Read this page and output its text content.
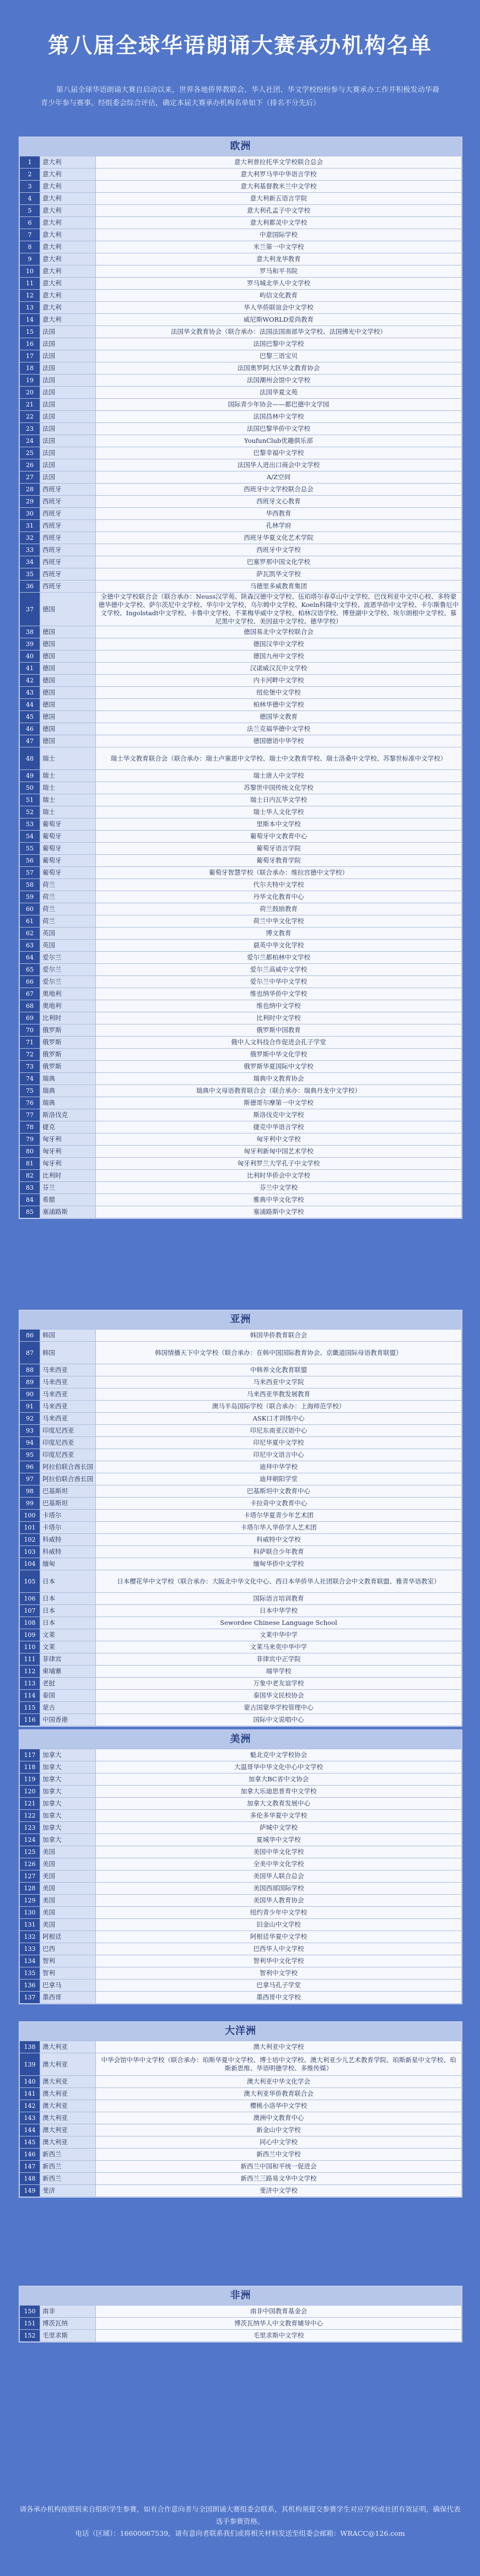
第八届全球华语朗诵大赛承办机构名单

第八届全球华语朗诵大赛自启动以来，世界各地侨界教联会、华人社团、华文学校纷纷参与大赛承办工作并积极发动华裔青少年参与赛事。经组委会综合评估，确定本届大赛承办机构名单如下（排名不分先后）

欧洲
1	意大利	意大利普拉托华文学校联合总会
2	意大利	意大利罗马华中华语言学校
3	意大利	意大利基督教米兰中文学校
4	意大利	意大利新五语言学院
5	意大利	意大利孔孟子中文学校
6	意大利	意大利都灵中文学校
7	意大利	中意国际学校
8	意大利	米兰第一中文学校
9	意大利	意大利龙华教育
10	意大利	罗马和平书院
11	意大利	罗马城北华人中文学校
12	意大利	屿信文化教育
13	意大利	华人华侨联谊会中文学校
14	意大利	威尼斯WORLD爱尚教育
15	法国	法国华文教育协会（联合承办：法国法国南部华文学校、法国佛光中文学校）
16	法国	法国巴黎中文学校
17	法国	巴黎三语宝贝
18	法国	法国奥罗阿大区华文教育协会
19	法国	法国潮州会馆中文学校
20	法国	法国华夏文苑
21	法国	国际青少年协会——都巴德中文学园
22	法国	法国昌林中文学校
23	法国	法国巴黎华侨中文学校
24	法国	YoufunClub优趣俱乐部
25	法国	巴黎幸福中文学校
26	法国	法国华人进出口商会中文学校
27	法国	A/Z空间
28	西班牙	西班牙中文学校联合总会
29	西班牙	西班牙文心教育
30	西班牙	华西教育
31	西班牙	孔林学府
32	西班牙	西班牙华夏文化艺术学院
33	西班牙	西班牙中文学校
34	西班牙	巴塞罗那中国文化学校
35	西班牙	萨瓦凯华文学校
36	西班牙	马德里多威教育集团
37	德国	全德中文学校联合会（联合承办：Neuss汉学苑、陕森汉德中文学校、伍珀塔尔春草山中文学校、巴伐利亚中文中心校、多特蒙德华德中文学校、萨尔茨尼中文学校、华尔中文学校、乌尔姆中文学校、Koeln科隆中文学校、波恩华侨中文学校、卡尔斯鲁厄中文学校、Ingolstadt中文学校、卡鲁中文学校、不莱梅华威中文学校、柏林汉语学校、博登湖中文学校、埃尔朗根中文学校、慕尼黑中文学校、美因兹中文学校、德华学校）
38	德国	德国易北中文学校联合会
39	德国	德国汉华中文学校
40	德国	德国九州中文学校
41	德国	汉诺威汉瓦中文学校
42	德国	内卡河畔中文学校
43	德国	纽伦堡中文学校
44	德国	柏林华德中文学校
45	德国	德国华文教育
46	德国	法兰克福华德中文学校
47	德国	德国德语中华学校
48	瑞士	瑞士华文教育联合会（联合承办：瑞士卢塞恩中文学校、瑞士中文教育学校、瑞士洛桑中文学校、苏黎世标准中文学校）
49	瑞士	瑞士唐人中文学校
50	瑞士	苏黎世中国传统文化学校
51	瑞士	瑞士日内瓦华文学校
52	瑞士	瑞士华人文化学校
53	葡萄牙	里斯本中文学校
54	葡萄牙	葡萄牙中文教育中心
55	葡萄牙	葡萄牙语言学院
56	葡萄牙	葡萄牙教育学院
57	葡萄牙	葡萄牙智慧学校（联合承办：维拉宫德中文学校）
58	荷兰	代尔夫特中文学校
59	荷兰	丹华文化教育中心
60	荷兰	荷兰鼓励教育
61	荷兰	荷兰中华文化学校
62	英国	博文教育
63	英国	晨英中华文化学校
64	爱尔兰	爱尔兰都柏林中文学校
65	爱尔兰	爱尔兰高威中文学校
66	爱尔兰	爱尔兰中华中文学校
67	奥地利	维也纳华侨中文学校
68	奥地利	维也纳中文学校
69	比利时	比利时中文学校
70	俄罗斯	俄罗斯中国教育
71	俄罗斯	俄中人文科技合作促进会孔子学堂
72	俄罗斯	俄罗斯中华文化学校
73	俄罗斯	俄罗斯华夏国际中文学校
74	瑞典	瑞典中文教育协会
75	瑞典	瑞典中文母语教育联合会（联合承办：瑞典丹龙中文学校）
76	瑞典	斯德哥尔摩第一中文学校
77	斯洛伐克	斯洛伐克中文学校
78	捷克	捷克中华语言学校
79	匈牙利	匈牙利中文学校
80	匈牙利	匈牙利新匈中国艺术学校
81	匈牙利	匈牙利罗兰大学孔子中文学校
82	比利时	比利时华侨会中文学校
83	芬兰	芬兰中文学校
84	希腊	雅典中华文化学校
85	塞浦路斯	塞浦路斯中文学校
亚洲
86	韩国	韩国华侨教育联合会
87	韩国	韩国情播天下中文学校（联合承办：在韩中国国际教育协会、京畿道国际母语教育联盟）
88	马来西亚	中韩养文化教育联盟
89	马来西亚	马来西亚中文学院
90	马来西亚	马来西亚华教发展教育
91	马来西亚	澳马半岛国际学校（联合承办：上海师范学校）
92	马来西亚	ASK口才训练中心
93	印度尼西亚	印尼东南亚汉语中心
94	印度尼西亚	印尼华夏中文学校
95	印度尼西亚	印尼中文语言中心
96	阿拉伯联合酋长国	迪拜中华学校
97	阿拉伯联合酋长国	迪拜朝阳学堂
98	巴基斯坦	巴基斯坦中文教育中心
99	巴基斯坦	卡拉奇中文教育中心
100	卡塔尔	卡塔尔华夏青少年艺术团
101	卡塔尔	卡塔尔华人华侨学人艺术团
102	科威特	科威特中文学校
103	科威特	科萨联合少年教育
104	缅甸	缅甸华侨中文学校
105	日本	日本樱花华中文学校（联合承办：大阪北中华文化中心、西日本华侨华人社团联合会中文教育联盟、雅青华语教室）
106	日本	国际语言培训教育
107	日本	日本中华学校
108	日本	Sewordee Chinese Language School
109	文莱	文莱中华中学
110	文莱	文莱马来奕中华中学
111	菲律宾	菲律宾中正学院
112	柬埔寨	端华学校
113	老挝	万象中老友谊学校
114	泰国	泰国华文民校协会
115	蒙古	蒙古国蒙华学校管理中心
116	中国香港	国际中文说唱中心
美洲
117	加拿大	魁北克中文学校协会
118	加拿大	大温哥华中华文化中心中文学校
119	加拿大	加拿大BC省中文协会
120	加拿大	加拿大乐迪思普育中文学校
121	加拿大	加拿大文教育发展中心
122	加拿大	多伦多华夏中文学校
123	加拿大	萨城中文学校
124	加拿大	夏城华中文学校
125	美国	美国中华文化学校
126	美国	全美中华文化学校
127	美国	美国华人联合总会
128	美国	美国西部国际学校
129	美国	美国华人教育协会
130	美国	纽约青少年中文学校
131	美国	旧金山中文学校
132	阿根廷	阿根廷华夏中文学校
133	巴西	巴西华人中文学校
134	智利	智利华中文化学校
135	智利	智利中文学校
136	巴拿马	巴拿马孔子学堂
137	墨西哥	墨西哥中文学校
大洋洲
138	澳大利亚	澳大利亚中文学校
139	澳大利亚	中华会馆中华中文学校（联合承办：珀斯华夏中文学校、博士培中文学校、澳大利亚少儿艺术教育学院、珀斯新星中文学校、珀斯新思维、华语明德学校、多维传媒）
140	澳大利亚	澳大利亚中华文化学会
141	澳大利亚	澳大利亚华侨教育联合会
142	澳大利亚	樱桃小洛华中文学校
143	澳大利亚	澳洲中文教育中心
144	澳大利亚	新金山中文学校
145	澳大利亚	同心中文学校
146	新西兰	新西兰中文学校
147	新西兰	新西兰中国和平统一促进会
148	新西兰	新西兰三路易文华中文学校
149	斐济	斐济中文学校
非洲
150	南非	南非中国教育基金会
151	博茨瓦纳	博茨瓦纳华人中文教育辅导中心
152	毛里求斯	毛里求斯中文学校
请各承办机构按照到来自组织学生参赛，如有合作意向者与全国朗诵大赛组委会联系，其机构须提交参赛学生对应学校或社团有效证明，确保代表选手参赛资格。
电话（区域）：16600067539，请有意向者联系我们或将相关材料发送至组委会邮箱：WRACC@126.com
